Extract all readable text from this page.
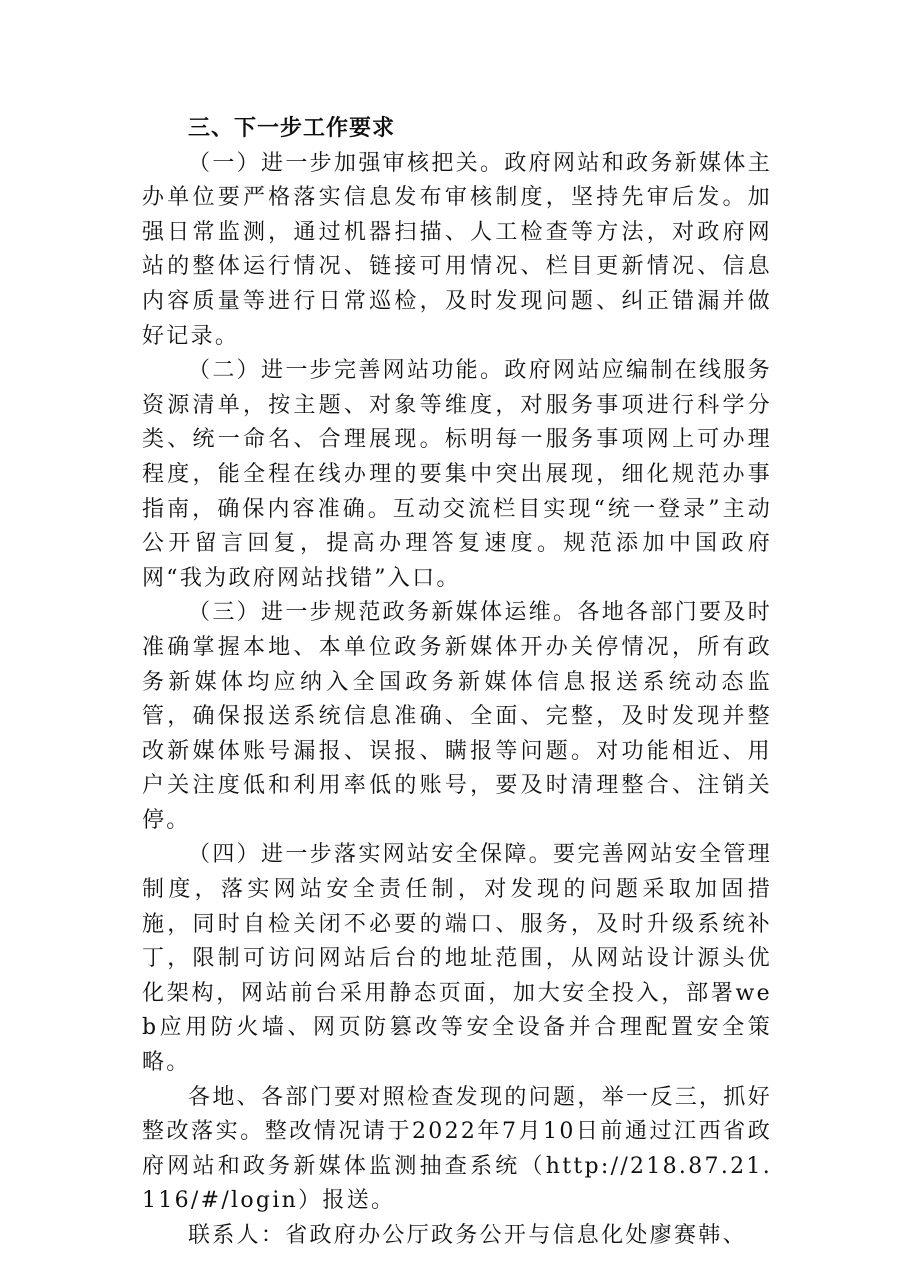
三、下一步工作要求

（一）进一步加强审核把关。政府网站和政务新媒体主办单位要严格落实信息发布审核制度，坚持先审后发。加强日常监测，通过机器扫描、人工检查等方法，对政府网站的整体运行情况、链接可用情况、栏目更新情况、信息内容质量等进行日常巡检，及时发现问题、纠正错漏并做好记录。

（二）进一步完善网站功能。政府网站应编制在线服务资源清单，按主题、对象等维度，对服务事项进行科学分类、统一命名、合理展现。标明每一服务事项网上可办理程度，能全程在线办理的要集中突出展现，细化规范办事指南，确保内容准确。互动交流栏目实现“统一登录”主动公开留言回复，提高办理答复速度。规范添加中国政府网“我为政府网站找错”入口。

（三）进一步规范政务新媒体运维。各地各部门要及时准确掌握本地、本单位政务新媒体开办关停情况，所有政务新媒体均应纳入全国政务新媒体信息报送系统动态监管，确保报送系统信息准确、全面、完整，及时发现并整改新媒体账号漏报、误报、瞒报等问题。对功能相近、用户关注度低和利用率低的账号，要及时清理整合、注销关停。

（四）进一步落实网站安全保障。要完善网站安全管理制度，落实网站安全责任制，对发现的问题采取加固措施，同时自检关闭不必要的端口、服务，及时升级系统补丁，限制可访问网站后台的地址范围，从网站设计源头优化架构，网站前台采用静态页面，加大安全投入，部署web应用防火墙、网页防篡改等安全设备并合理配置安全策略。

各地、各部门要对照检查发现的问题，举一反三，抓好整改落实。整改情况请于2022年7月10日前通过江西省政府网站和政务新媒体监测抽查系统（http://218.87.21.116/#/login）报送。

联系人：省政府办公厅政务公开与信息化处廖赛韩、
